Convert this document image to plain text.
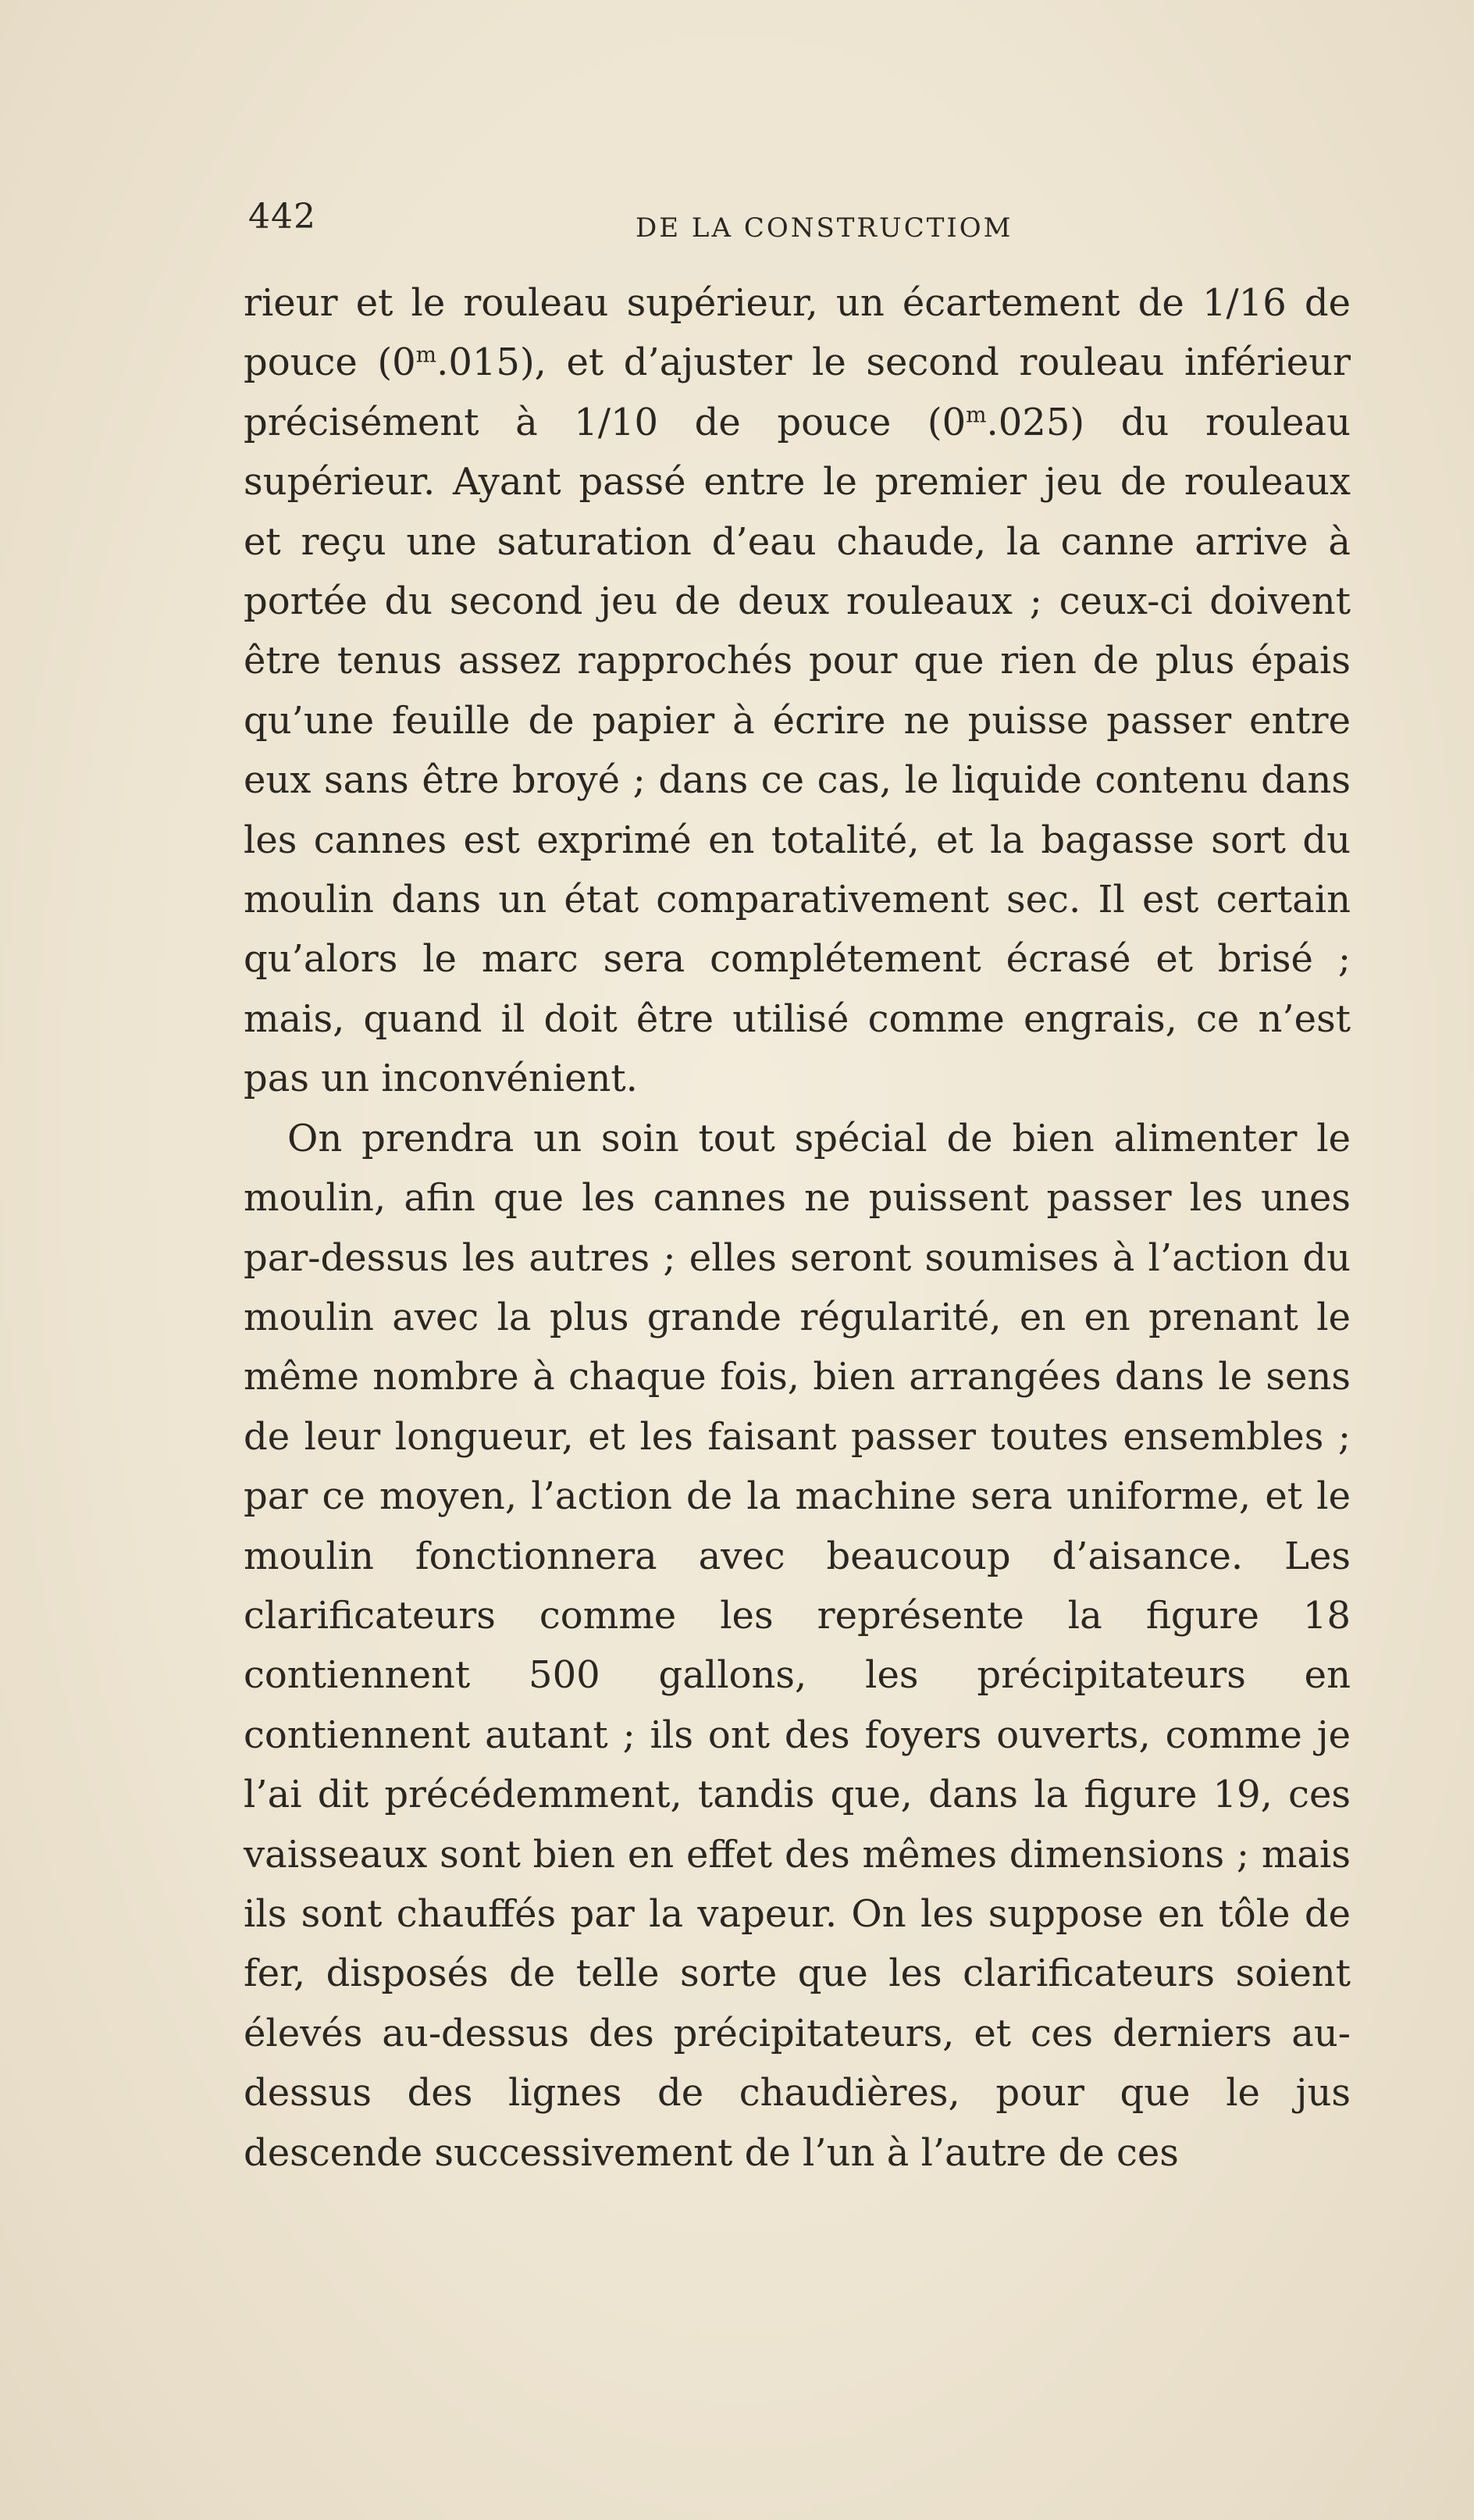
442	DE LA CONSTRUCTIOM

rieur et le rouleau supérieur, un écartement de 1/16 de pouce (0$^m$.015), et d’ajuster le second rouleau inférieur précisément à 1/10 de pouce (0$^m$.025) du rouleau supérieur. Ayant passé entre le premier jeu de rouleaux et reçu une saturation d’eau chaude, la canne arrive à portée du second jeu de deux rouleaux ; ceux-ci doivent être tenus assez rapprochés pour que rien de plus épais qu’une feuille de papier à écrire ne puisse passer entre eux sans être broyé ; dans ce cas, le liquide contenu dans les cannes est exprimé en totalité, et la bagasse sort du moulin dans un état comparativement sec. Il est certain qu’alors le marc sera complétement écrasé et brisé ; mais, quand il doit être utilisé comme engrais, ce n’est pas un inconvénient.

On prendra un soin tout spécial de bien alimenter le moulin, afin que les cannes ne puissent passer les unes par-dessus les autres ; elles seront soumises à l’action du moulin avec la plus grande régularité, en en prenant le même nombre à chaque fois, bien arrangées dans le sens de leur longueur, et les faisant passer toutes ensembles ; par ce moyen, l’action de la machine sera uniforme, et le moulin fonctionnera avec beaucoup d’aisance. Les clarificateurs comme les représente la figure 18 contiennent 500 gallons, les précipitateurs en contiennent autant ; ils ont des foyers ouverts, comme je l’ai dit précédemment, tandis que, dans la figure 19, ces vaisseaux sont bien en effet des mêmes dimensions ; mais ils sont chauffés par la vapeur. On les suppose en tôle de fer, disposés de telle sorte que les clarificateurs soient élevés au-dessus des précipitateurs, et ces derniers au-dessus des lignes de chaudières, pour que le jus descende successivement de l’un à l’autre de ces
